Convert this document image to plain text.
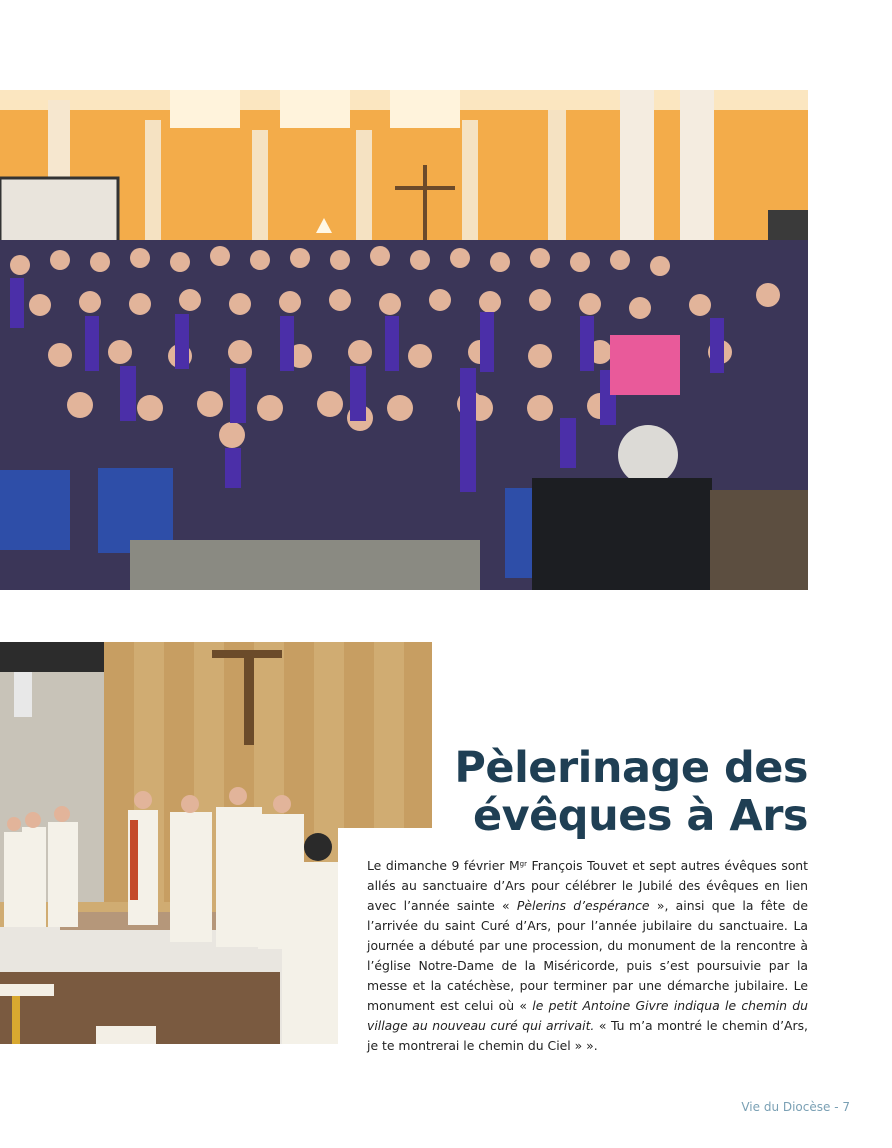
Pèlerinage des
évêques à Ars

Le dimanche 9 février $M^{gr}$ François Touvet et sept autres évêques sont allés au sanctuaire d’Ars pour célébrer le Jubilé des évêques en lien avec l’année sainte « Pèlerins d’espérance », ainsi que la fête de l’arrivée du saint Curé d’Ars, pour l’année jubilaire du sanctuaire. La journée a débuté par une procession, du monument de la rencontre à l’église Notre-Dame de la Miséricorde, puis s’est poursuivie par la messe et la catéchèse, pour terminer par une démarche jubilaire. Le monument est celui où « le petit Antoine Givre indiqua le chemin du village au nouveau curé qui arrivait. « Tu m’a montré le chemin d’Ars, je te montrerai le chemin du Ciel » ».

Vie du Diocèse - 7
